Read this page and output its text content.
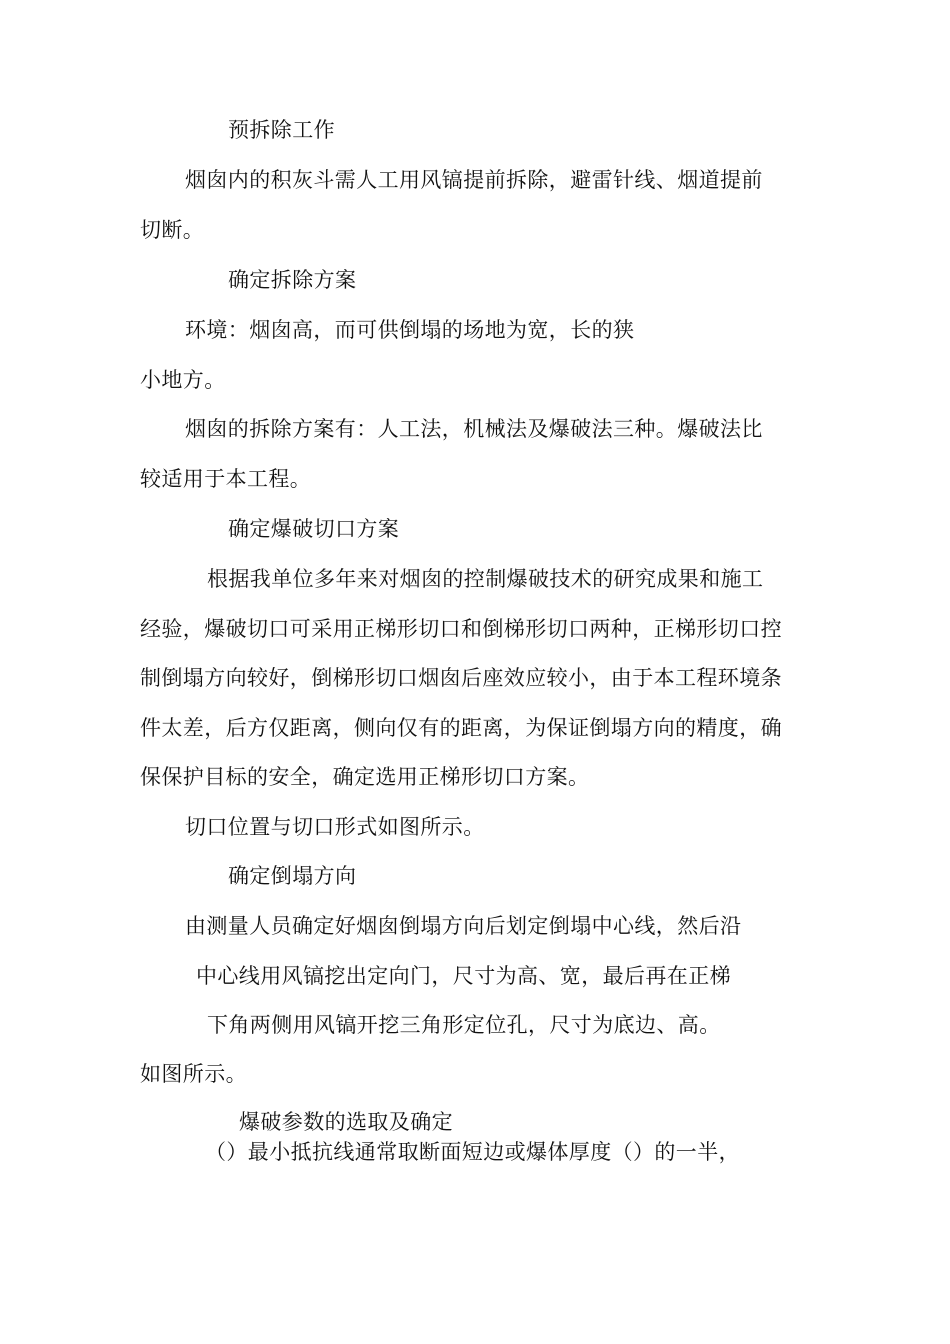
预拆除工作
烟囱内的积灰斗需人工用风镐提前拆除，避雷针线、烟道提前
切断。
确定拆除方案
环境：烟囱高，而可供倒塌的场地为宽，长的狭
小地方。
烟囱的拆除方案有：人工法，机械法及爆破法三种。爆破法比
较适用于本工程。
确定爆破切口方案
根据我单位多年来对烟囱的控制爆破技术的研究成果和施工
经验，爆破切口可采用正梯形切口和倒梯形切口两种，正梯形切口控
制倒塌方向较好，倒梯形切口烟囱后座效应较小，由于本工程环境条
件太差，后方仅距离，侧向仅有的距离，为保证倒塌方向的精度，确
保保护目标的安全，确定选用正梯形切口方案。
切口位置与切口形式如图所示。
确定倒塌方向
由测量人员确定好烟囱倒塌方向后划定倒塌中心线，然后沿
中心线用风镐挖出定向门，尺寸为高、宽，最后再在正梯
下角两侧用风镐开挖三角形定位孔，尺寸为底边、高。
如图所示。
爆破参数的选取及确定
（）最小抵抗线通常取断面短边或爆体厚度（）的一半，
